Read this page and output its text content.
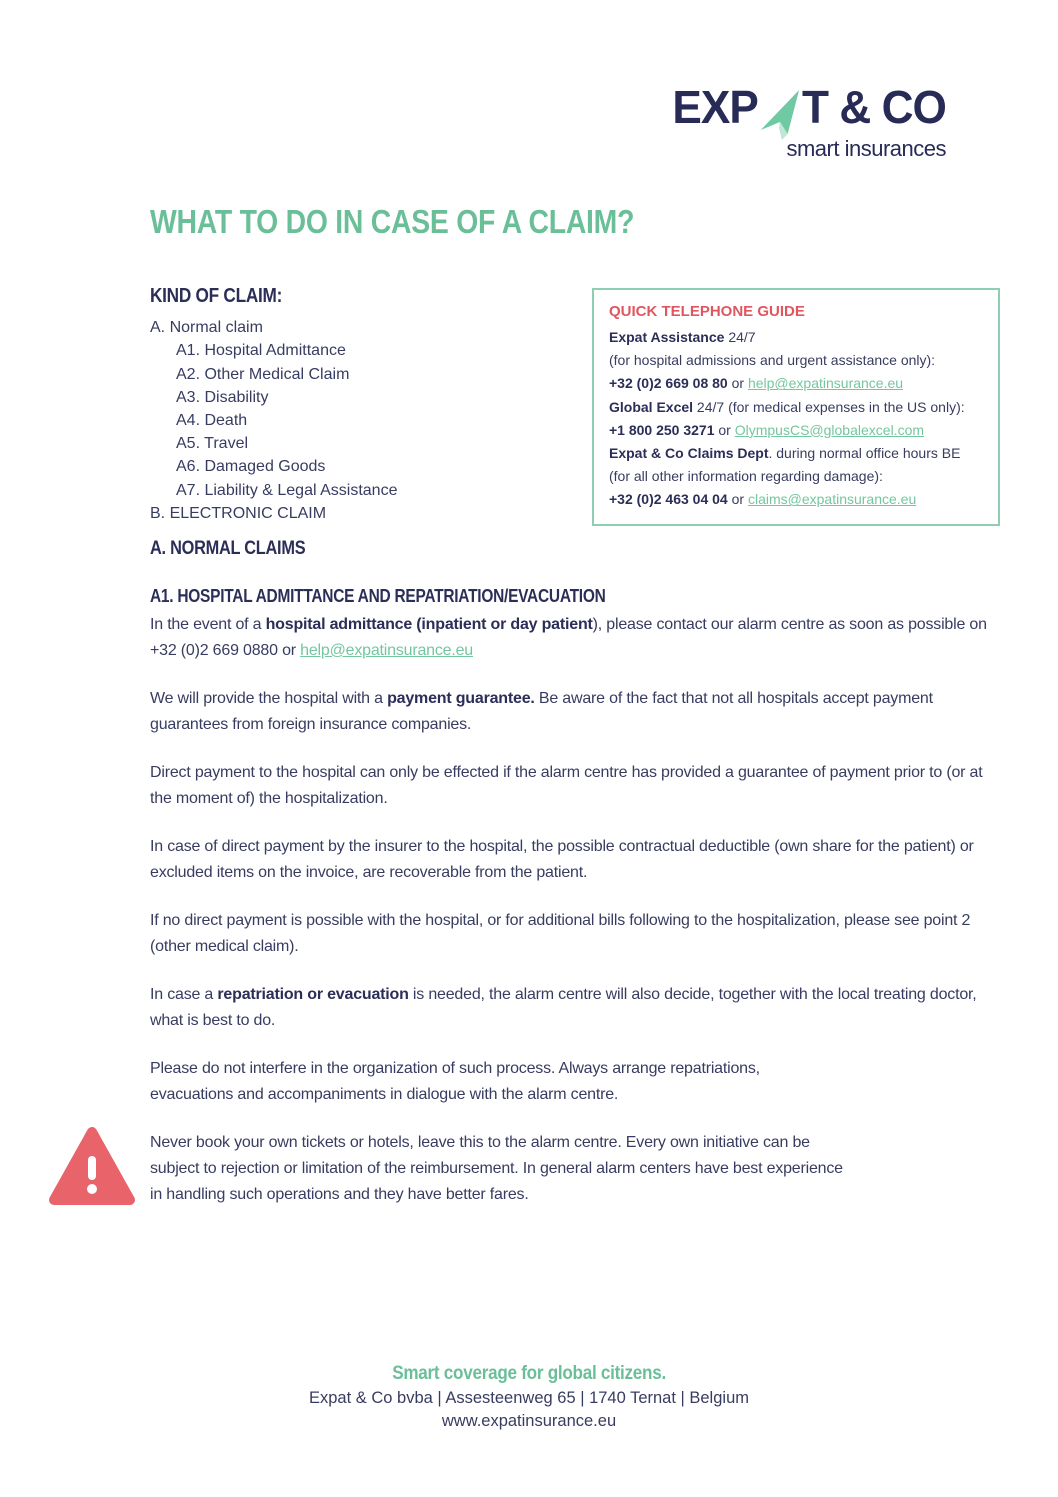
EXP T & CO
smart insurances
WHAT TO DO IN CASE OF A CLAIM?
KIND OF CLAIM:
A. Normal claim
A1. Hospital Admittance
A2. Other Medical Claim
A3. Disability
A4. Death
A5. Travel
A6. Damaged Goods
A7. Liability & Legal Assistance
B. ELECTRONIC CLAIM
QUICK TELEPHONE GUIDE
Expat Assistance 24/7
(for hospital admissions and urgent assistance only):
+32 (0)2 669 08 80 or help@expatinsurance.eu
Global Excel 24/7 (for medical expenses in the US only):
+1 800 250 3271 or OlympusCS@globalexcel.com
Expat & Co Claims Dept. during normal office hours BE
(for all other information regarding damage):
+32 (0)2 463 04 04 or claims@expatinsurance.eu
A. NORMAL CLAIMS
A1. HOSPITAL ADMITTANCE AND REPATRIATION/EVACUATION

In the event of a hospital admittance (inpatient or day patient), please contact our alarm centre as soon as possible on +32 (0)2 669 0880 or help@expatinsurance.eu

We will provide the hospital with a payment guarantee. Be aware of the fact that not all hospitals accept payment guarantees from foreign insurance companies.

Direct payment to the hospital can only be effected if the alarm centre has provided a guarantee of payment prior to (or at the moment of) the hospitalization.

In case of direct payment by the insurer to the hospital, the possible contractual deductible (own share for the patient) or excluded items on the invoice, are recoverable from the patient.

If no direct payment is possible with the hospital, or for additional bills following to the hospitalization, please see point 2 (other medical claim).

In case a repatriation or evacuation is needed, the alarm centre will also decide, together with the local treating doctor, what is best to do.

Please do not interfere in the organization of such process. Always arrange repatriations, evacuations and accompaniments in dialogue with the alarm centre.

Never book your own tickets or hotels, leave this to the alarm centre. Every own initiative can be subject to rejection or limitation of the reimbursement. In general alarm centers have best experience in handling such operations and they have better fares.

Smart coverage for global citizens.
Expat & Co bvba | Assesteenweg 65 | 1740 Ternat | Belgium
www.expatinsurance.eu
